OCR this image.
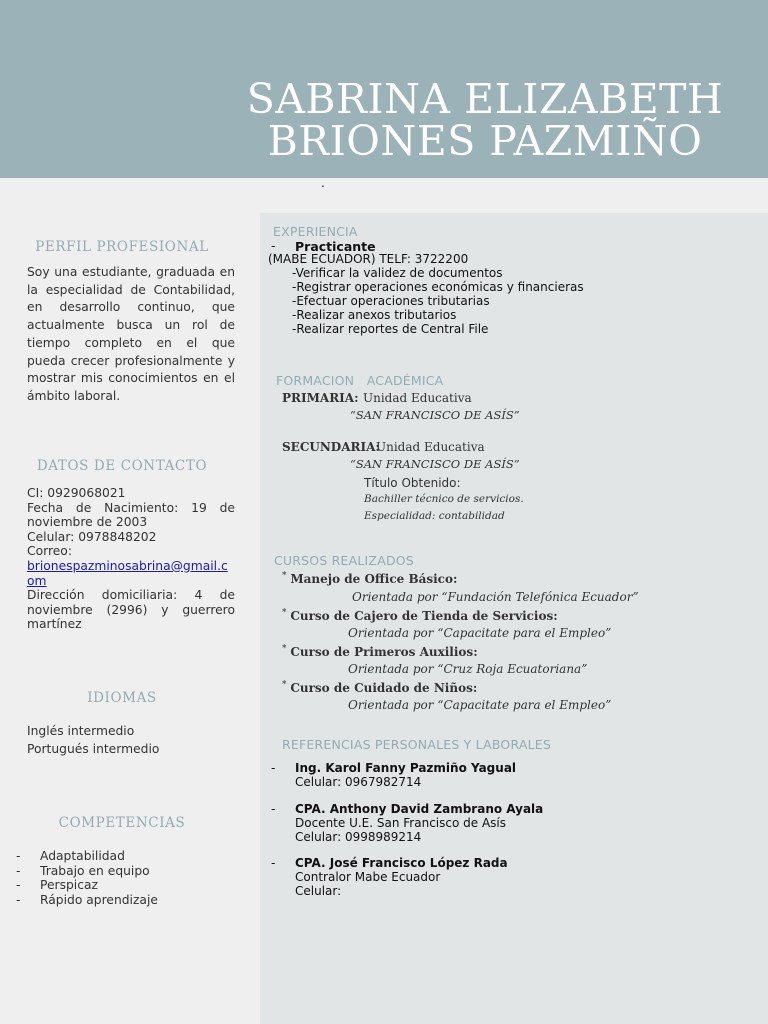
SABRINA ELIZABETH
BRIONES PAZMIÑO
.
PERFIL PROFESIONAL
Soy una estudiante, graduada en la especialidad de Contabilidad, en desarrollo continuo, que actualmente busca un rol de tiempo completo en el que pueda crecer profesionalmente y mostrar mis conocimientos en el ámbito laboral.
DATOS DE CONTACTO
CI: 0929068021
Fecha de Nacimiento: 19 de noviembre de 2003
Celular: 0978848202
Correo:
brionespazminosabrina@gmail.com
Dirección domiciliaria: 4 de noviembre (2996) y guerrero martínez
IDIOMAS
Inglés intermedio
Portugués intermedio
COMPETENCIAS
- Adaptabilidad
- Trabajo en equipo
- Perspicaz
- Rápido aprendizaje
EXPERIENCIA
- Practicante
(MABE ECUADOR) TELF: 3722200
-Verificar la validez de documentos
-Registrar operaciones económicas y financieras
-Efectuar operaciones tributarias
-Realizar anexos tributarios
-Realizar reportes de Central File
FORMACION   ACADÉMICA
PRIMARIA: Unidad Educativa
“SAN FRANCISCO DE ASÍS”
SECUNDARIA:
Unidad Educativa
“SAN FRANCISCO DE ASÍS”
Título Obtenido:
Bachiller técnico de servicios.
Especialidad: contabilidad
CURSOS REALIZADOS
* Manejo de Office Básico:
Orientada por “Fundación Telefónica Ecuador”
* Curso de Cajero de Tienda de Servicios:
Orientada por “Capacitate para el Empleo”
* Curso de Primeros Auxilios:
Orientada por “Cruz Roja Ecuatoriana”
* Curso de Cuidado de Niños:
Orientada por “Capacitate para el Empleo”
REFERENCIAS PERSONALES Y LABORALES
- Ing. Karol Fanny Pazmiño Yagual
Celular: 0967982714
- CPA. Anthony David Zambrano Ayala
Docente U.E. San Francisco de Asís
Celular: 0998989214
- CPA. José Francisco López Rada
Contralor Mabe Ecuador
Celular:
